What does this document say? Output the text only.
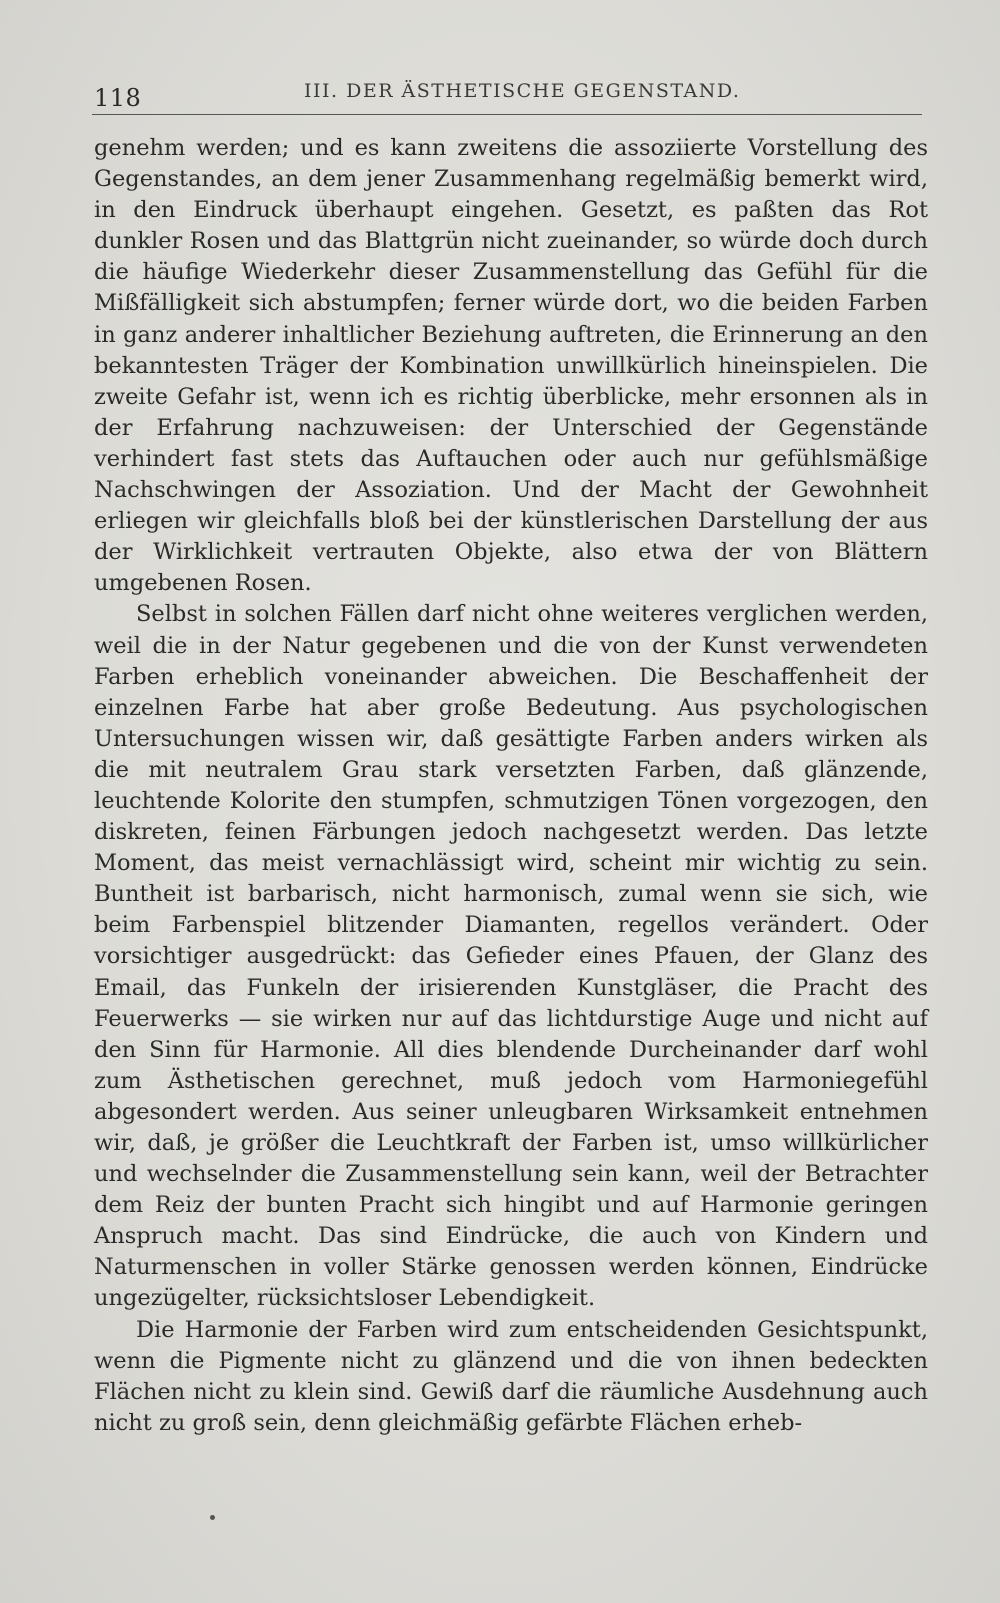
118	III. DER ÄSTHETISCHE GEGENSTAND.

genehm werden; und es kann zweitens die assoziierte Vorstellung des Gegenstandes, an dem jener Zusammenhang regelmäßig bemerkt wird, in den Eindruck überhaupt eingehen. Gesetzt, es paßten das Rot dunkler Rosen und das Blattgrün nicht zueinander, so würde doch durch die häufige Wiederkehr dieser Zusammenstellung das Gefühl für die Mißfälligkeit sich abstumpfen; ferner würde dort, wo die beiden Farben in ganz anderer inhaltlicher Beziehung auftreten, die Erinnerung an den bekanntesten Träger der Kombination unwillkürlich hineinspielen. Die zweite Gefahr ist, wenn ich es richtig überblicke, mehr ersonnen als in der Erfahrung nachzuweisen: der Unterschied der Gegenstände verhindert fast stets das Auftauchen oder auch nur gefühlsmäßige Nachschwingen der Assoziation. Und der Macht der Gewohnheit erliegen wir gleichfalls bloß bei der künstlerischen Darstellung der aus der Wirklichkeit vertrauten Objekte, also etwa der von Blättern umgebenen Rosen.

Selbst in solchen Fällen darf nicht ohne weiteres verglichen werden, weil die in der Natur gegebenen und die von der Kunst verwendeten Farben erheblich voneinander abweichen. Die Beschaffenheit der einzelnen Farbe hat aber große Bedeutung. Aus psychologischen Untersuchungen wissen wir, daß gesättigte Farben anders wirken als die mit neutralem Grau stark versetzten Farben, daß glänzende, leuchtende Kolorite den stumpfen, schmutzigen Tönen vorgezogen, den diskreten, feinen Färbungen jedoch nachgesetzt werden. Das letzte Moment, das meist vernachlässigt wird, scheint mir wichtig zu sein. Buntheit ist barbarisch, nicht harmonisch, zumal wenn sie sich, wie beim Farbenspiel blitzender Diamanten, regellos verändert. Oder vorsichtiger ausgedrückt: das Gefieder eines Pfauen, der Glanz des Email, das Funkeln der irisierenden Kunstgläser, die Pracht des Feuerwerks — sie wirken nur auf das lichtdurstige Auge und nicht auf den Sinn für Harmonie. All dies blendende Durcheinander darf wohl zum Ästhetischen gerechnet, muß jedoch vom Harmoniegefühl abgesondert werden. Aus seiner unleugbaren Wirksamkeit entnehmen wir, daß, je größer die Leuchtkraft der Farben ist, umso willkürlicher und wechselnder die Zusammenstellung sein kann, weil der Betrachter dem Reiz der bunten Pracht sich hingibt und auf Harmonie geringen Anspruch macht. Das sind Eindrücke, die auch von Kindern und Naturmenschen in voller Stärke genossen werden können, Eindrücke ungezügelter, rücksichtsloser Lebendigkeit.

Die Harmonie der Farben wird zum entscheidenden Gesichtspunkt, wenn die Pigmente nicht zu glänzend und die von ihnen bedeckten Flächen nicht zu klein sind. Gewiß darf die räumliche Ausdehnung auch nicht zu groß sein, denn gleichmäßig gefärbte Flächen erheb-
